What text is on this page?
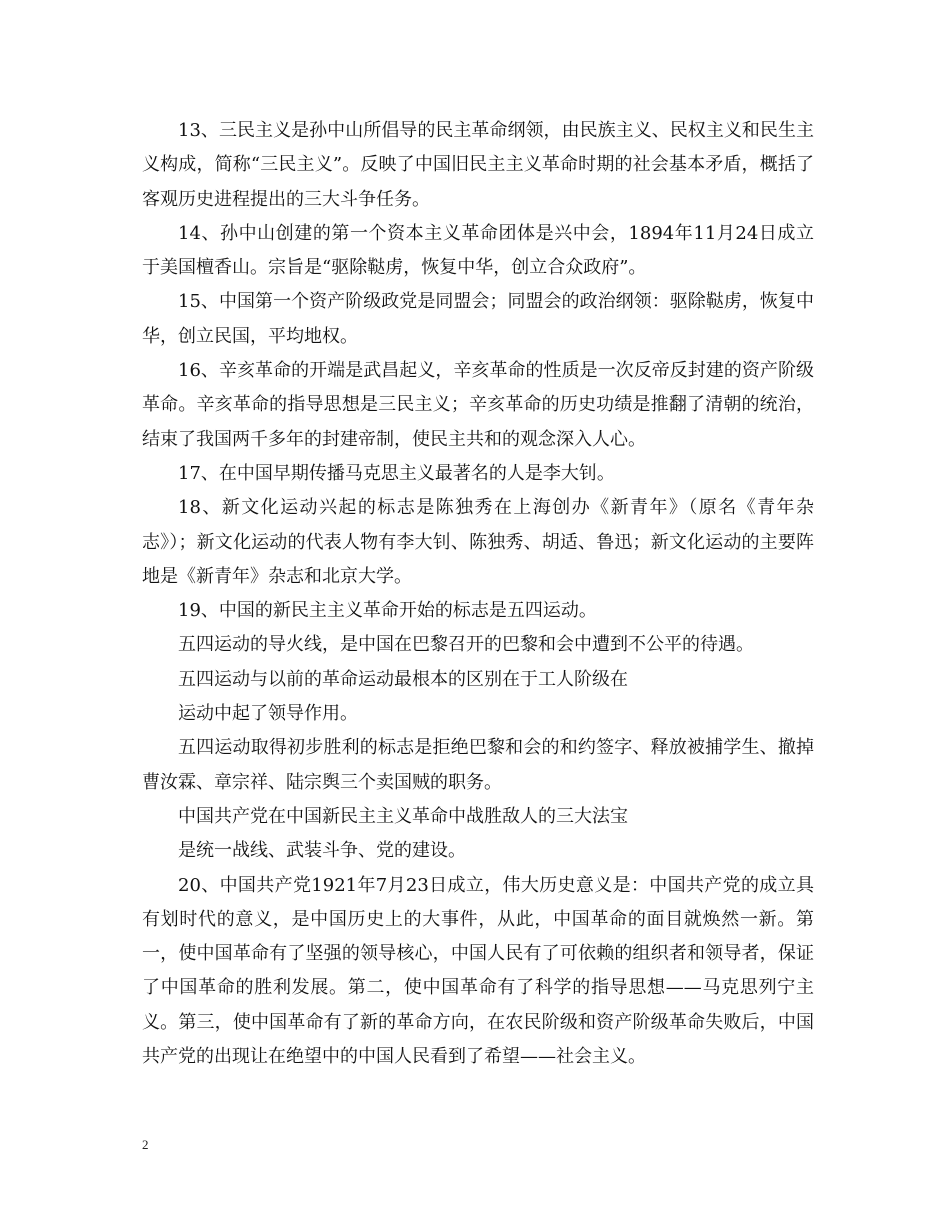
13、三民主义是孙中山所倡导的民主革命纲领，由民族主义、民权主义和民生主义构成，简称“三民主义”。反映了中国旧民主主义革命时期的社会基本矛盾，概括了客观历史进程提出的三大斗争任务。

14、孙中山创建的第一个资本主义革命团体是兴中会，1894年11月24日成立于美国檀香山。宗旨是“驱除鞑虏，恢复中华，创立合众政府”。

15、中国第一个资产阶级政党是同盟会；同盟会的政治纲领：驱除鞑虏，恢复中华，创立民国，平均地权。

16、辛亥革命的开端是武昌起义，辛亥革命的性质是一次反帝反封建的资产阶级革命。辛亥革命的指导思想是三民主义；辛亥革命的历史功绩是推翻了清朝的统治，结束了我国两千多年的封建帝制，使民主共和的观念深入人心。

17、在中国早期传播马克思主义最著名的人是李大钊。

18、新文化运动兴起的标志是陈独秀在上海创办《新青年》（原名《青年杂志》）；新文化运动的代表人物有李大钊、陈独秀、胡适、鲁迅；新文化运动的主要阵地是《新青年》杂志和北京大学。

19、中国的新民主主义革命开始的标志是五四运动。

五四运动的导火线，是中国在巴黎召开的巴黎和会中遭到不公平的待遇。

五四运动与以前的革命运动最根本的区别在于工人阶级在

运动中起了领导作用。

五四运动取得初步胜利的标志是拒绝巴黎和会的和约签字、释放被捕学生、撤掉曹汝霖、章宗祥、陆宗舆三个卖国贼的职务。

中国共产党在中国新民主主义革命中战胜敌人的三大法宝

是统一战线、武装斗争、党的建设。

20、中国共产党1921年7月23日成立，伟大历史意义是：中国共产党的成立具有划时代的意义，是中国历史上的大事件，从此，中国革命的面目就焕然一新。第一，使中国革命有了坚强的领导核心，中国人民有了可依赖的组织者和领导者，保证了中国革命的胜利发展。第二，使中国革命有了科学的指导思想——马克思列宁主义。第三，使中国革命有了新的革命方向，在农民阶级和资产阶级革命失败后，中国共产党的出现让在绝望中的中国人民看到了希望——社会主义。

2
